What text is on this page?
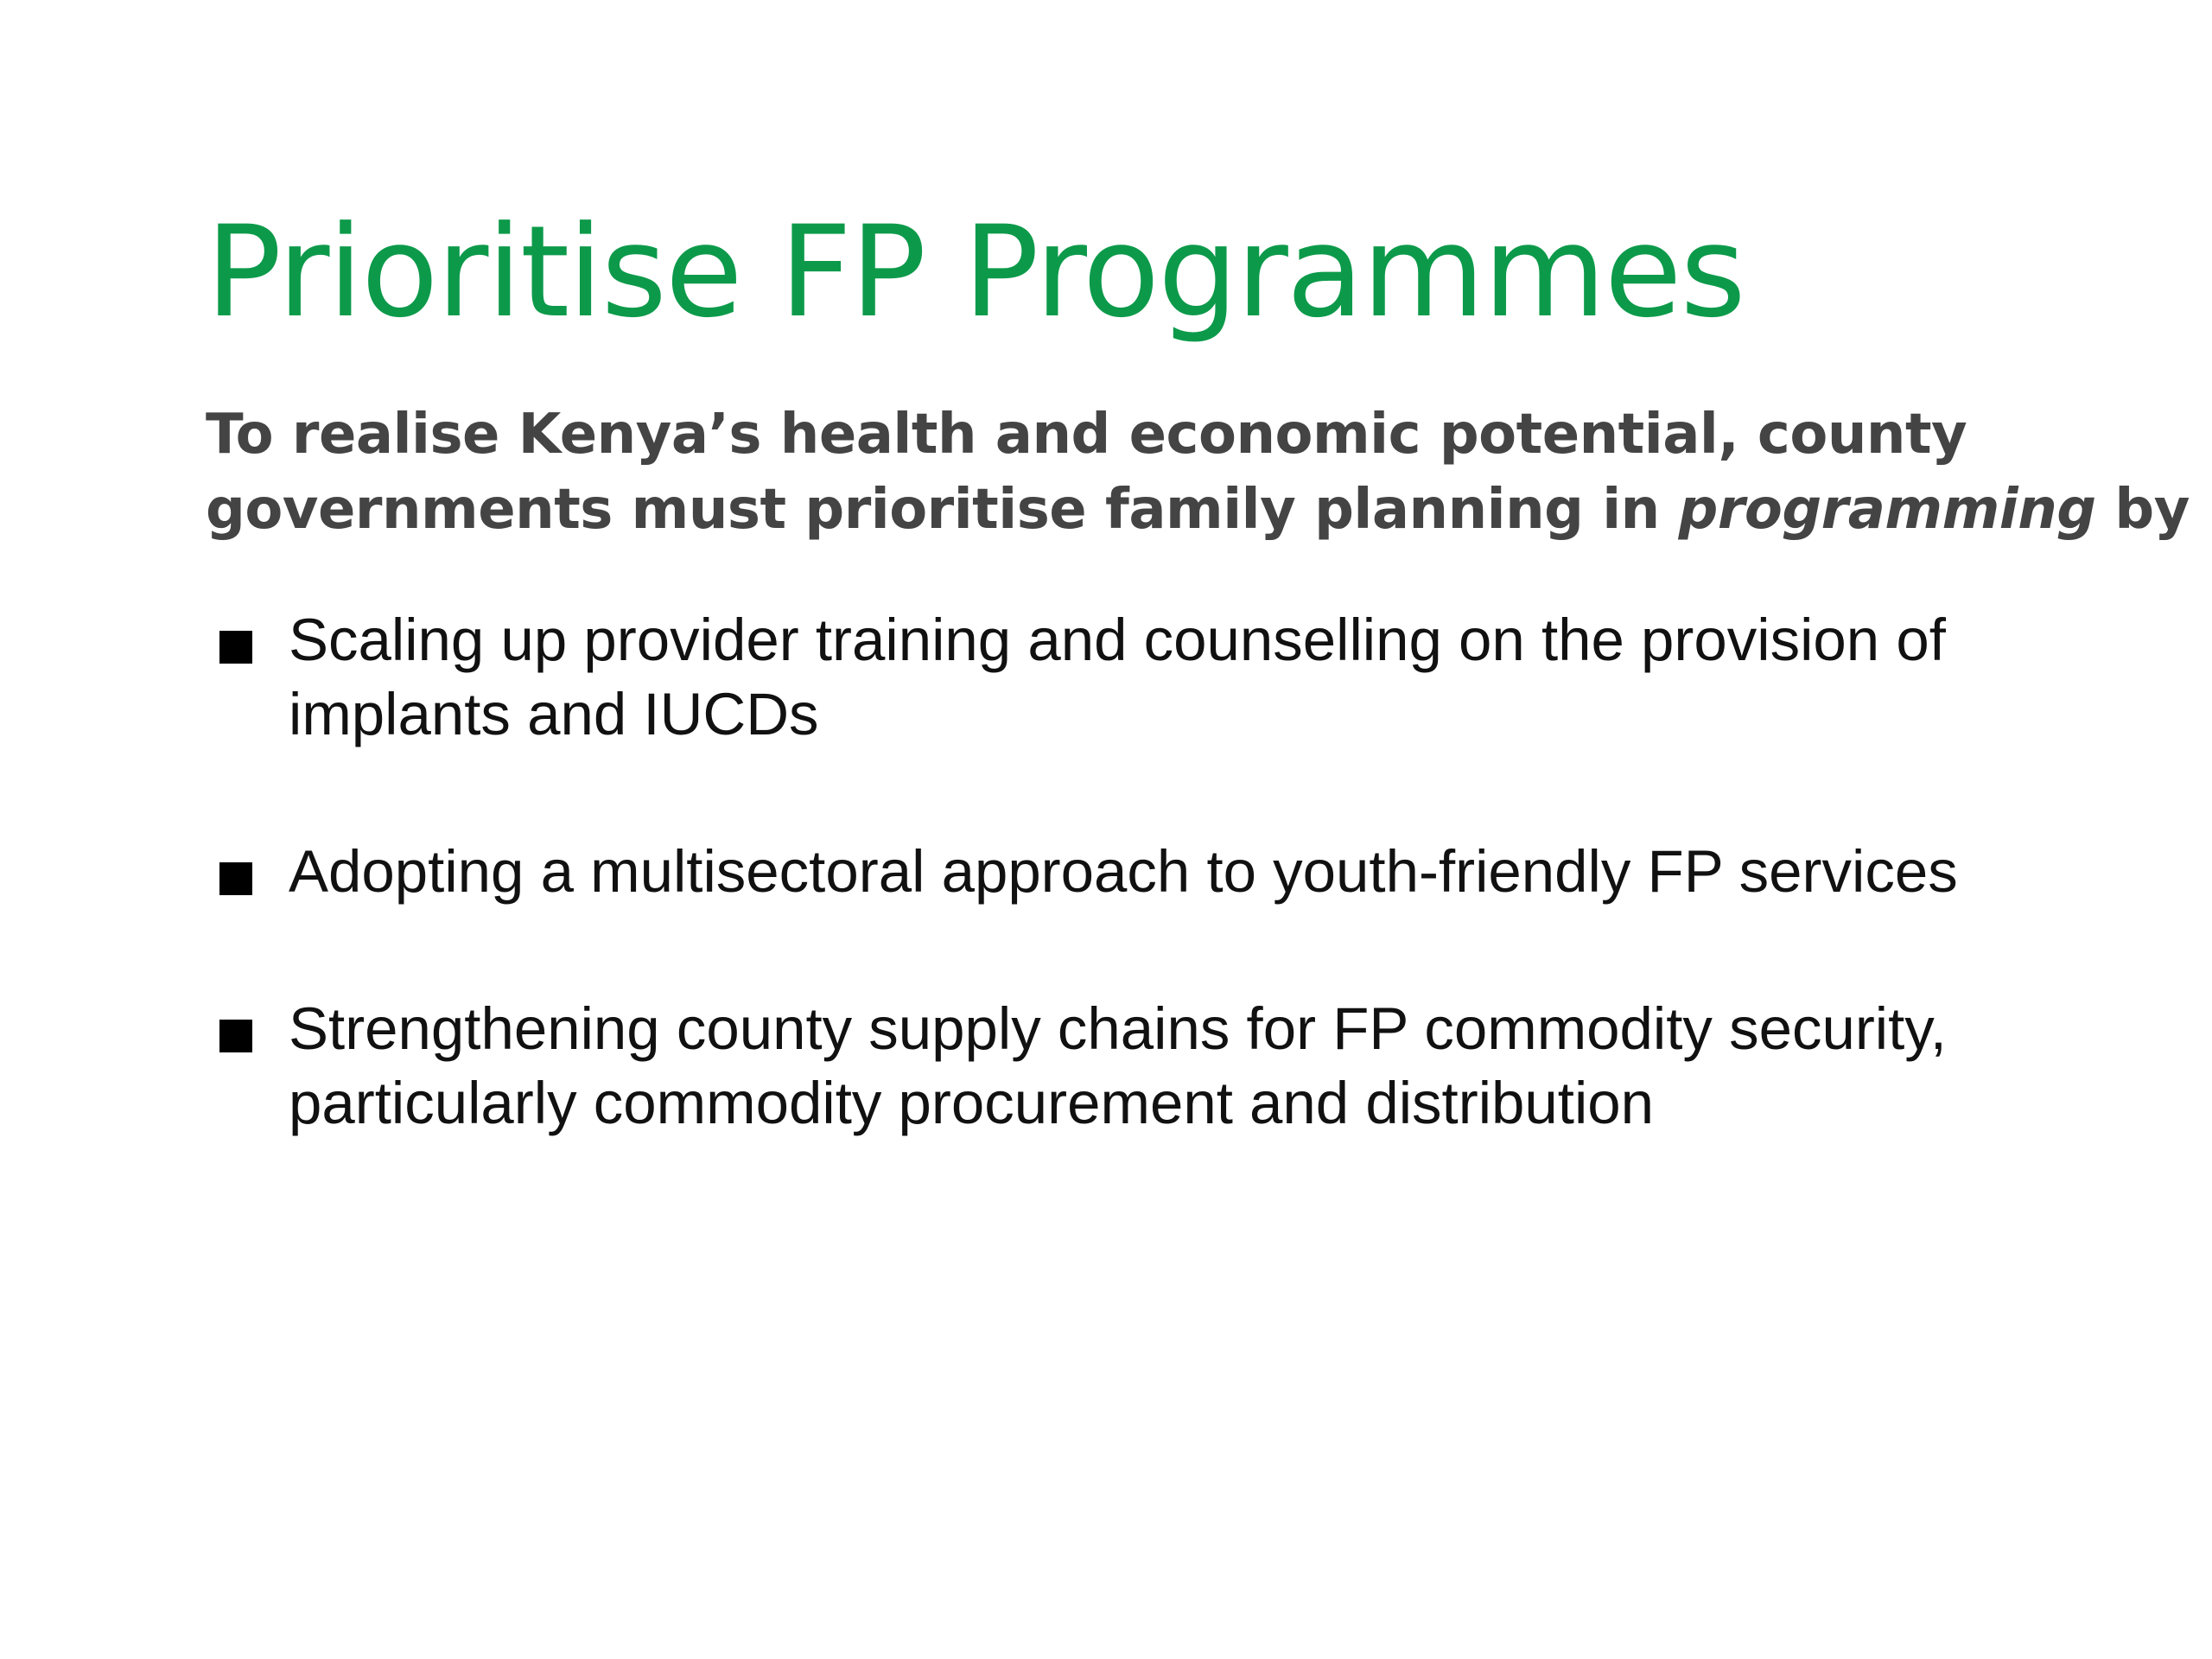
Prioritise FP Programmes

To realise Kenya’s health and economic potential, county
governments must prioritise family planning in programming by

Scaling up provider training and counselling on the provision of
implants and IUCDs
Adopting a multisectoral approach to youth-friendly FP services
Strengthening county supply chains for FP commodity security,
particularly commodity procurement and distribution
